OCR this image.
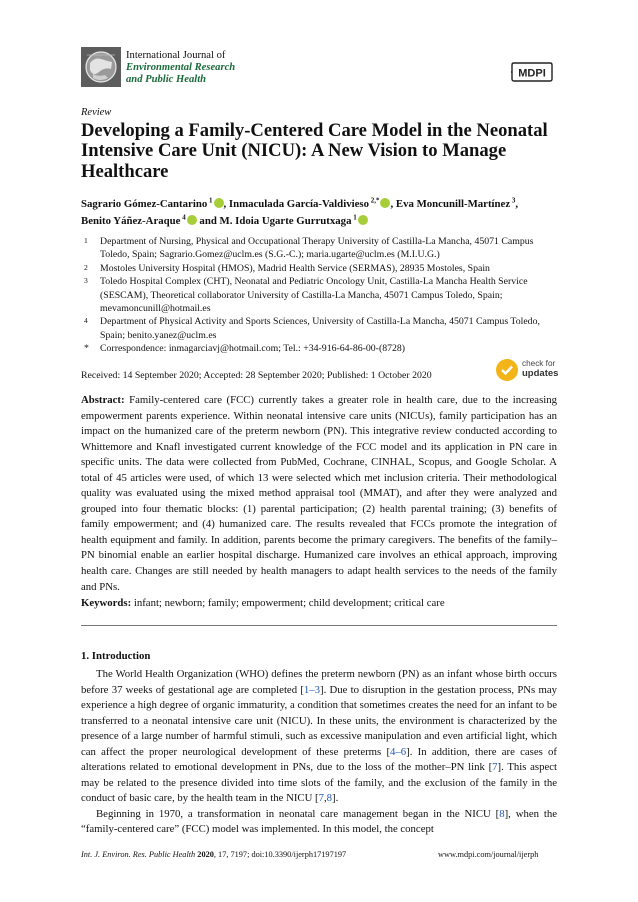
International Journal of
Environmental Research
and Public Health
MDPI
Review
Developing a Family-Centered Care Model in the Neonatal Intensive Care Unit (NICU): A New Vision to Manage Healthcare
Sagrario Gómez-Cantarino $^1$ , Inmaculada García-Valdivieso $^{2,*}$ , Eva Moncunill-Martínez $^3$,
Benito Yáñez-Araque $^4$ and M. Idoia Ugarte Gurrutxaga $^1$
1 Department of Nursing, Physical and Occupational Therapy University of Castilla-La Mancha, 45071 Campus Toledo, Spain; Sagrario.Gomez@uclm.es (S.G.-C.); maria.ugarte@uclm.es (M.I.U.G.)
2 Mostoles University Hospital (HMOS), Madrid Health Service (SERMAS), 28935 Mostoles, Spain
3 Toledo Hospital Complex (CHT), Neonatal and Pediatric Oncology Unit, Castilla-La Mancha Health Service (SESCAM), Theoretical collaborator University of Castilla-La Mancha, 45071 Campus Toledo, Spain; mevamoncunill@hotmail.es
4 Department of Physical Activity and Sports Sciences, University of Castilla-La Mancha, 45071 Campus Toledo, Spain; benito.yanez@uclm.es
* Correspondence: inmagarciavj@hotmail.com; Tel.: +34-916-64-86-00-(8728)
Received: 14 September 2020; Accepted: 28 September 2020; Published: 1 October 2020
check for
updates

Abstract: Family-centered care (FCC) currently takes a greater role in health care, due to the increasing empowerment parents experience. Within neonatal intensive care units (NICUs), family participation has an impact on the humanized care of the preterm newborn (PN). This integrative review conducted according to Whittemore and Knafl investigated current knowledge of the FCC model and its application in PN care in specific units. The data were collected from PubMed, Cochrane, CINHAL, Scopus, and Google Scholar. A total of 45 articles were used, of which 13 were selected which met inclusion criteria. Their methodological quality was evaluated using the mixed method appraisal tool (MMAT), and after they were analyzed and grouped into four thematic blocks: (1) parental participation; (2) health parental training; (3) benefits of family empowerment; and (4) humanized care. The results revealed that FCCs promote the integration of health equipment and family. In addition, parents become the primary caregivers. The benefits of the family–PN binomial enable an earlier hospital discharge. Humanized care involves an ethical approach, improving health care. Changes are still needed by health managers to adapt health services to the needs of the family and PNs.

Keywords: infant; newborn; family; empowerment; child development; critical care

1. Introduction

The World Health Organization (WHO) defines the preterm newborn (PN) as an infant whose birth occurs before 37 weeks of gestational age are completed [1–3]. Due to disruption in the gestation process, PNs may experience a high degree of organic immaturity, a condition that sometimes creates the need for an infant to be transferred to a neonatal intensive care unit (NICU). In these units, the environment is characterized by the presence of a large number of harmful stimuli, such as excessive manipulation and even artificial light, which can affect the proper neurological development of these preterms [4–6]. In addition, there are cases of alterations related to emotional development in PNs, due to the loss of the mother–PN link [7]. This aspect may be related to the presence divided into time slots of the family, and the exclusion of the family in the conduct of basic care, by the health team in the NICU [7,8].

Beginning in 1970, a transformation in neonatal care management began in the NICU [8], when the “family-centered care” (FCC) model was implemented. In this model, the concept

Int. J. Environ. Res. Public Health 2020, 17, 7197; doi:10.3390/ijerph17197197	www.mdpi.com/journal/ijerph
